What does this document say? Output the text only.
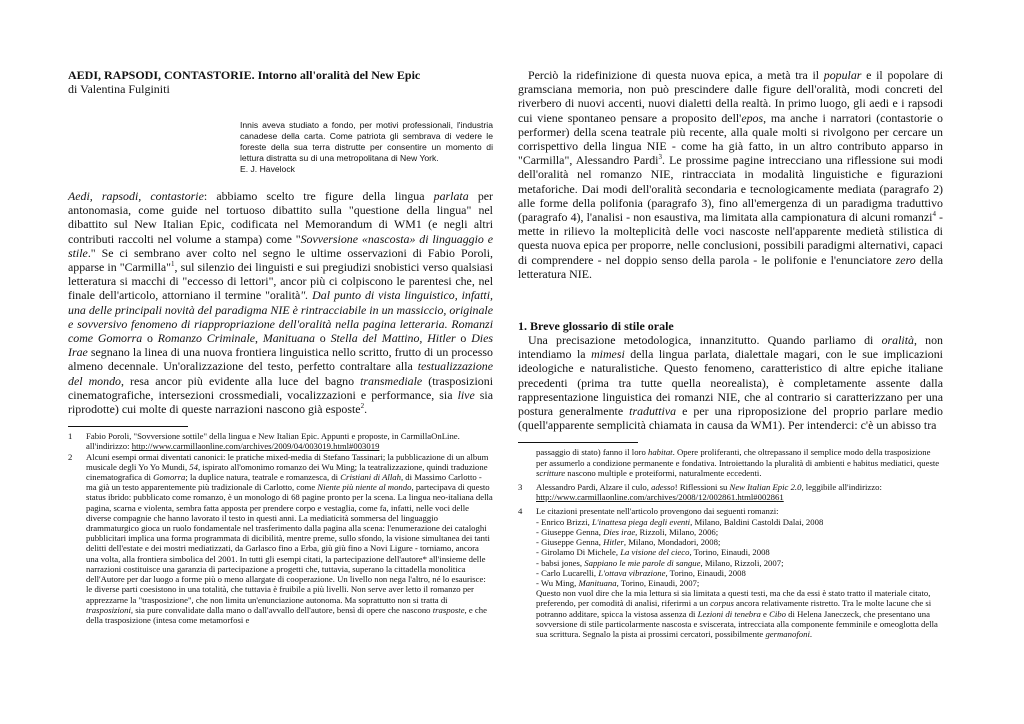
AEDI, RAPSODI, CONTASTORIE. Intorno all'oralità del New Epic
di Valentina Fulginiti
Innis aveva studiato a fondo, per motivi professionali, l'industria canadese della carta. Come patriota gli sembrava di vedere le foreste della sua terra distrutte per consentire un momento di lettura distratta su di una metropolitana di New York.
E. J. Havelock

Aedi, rapsodi, contastorie: abbiamo scelto tre figure della lingua parlata per antonomasia, come guide nel tortuoso dibattito sulla "questione della lingua" nel dibattito sul New Italian Epic, codificata nel Memorandum di WM1 (e negli altri contributi raccolti nel volume a stampa) come "Sovversione «nascosta» di linguaggio e stile." Se ci sembrano aver colto nel segno le ultime osservazioni di Fabio Poroli, apparse in "Carmilla"$^1$, sul silenzio dei linguisti e sui pregiudizi snobistici verso qualsiasi letteratura si macchi di "eccesso di lettori", ancor più ci colpiscono le parentesi che, nel finale dell'articolo, attorniano il termine "oralità". Dal punto di vista linguistico, infatti, una delle principali novità del paradigma NIE è rintracciabile in un massiccio, originale e sovversivo fenomeno di riappropriazione dell'oralità nella pagina letteraria. Romanzi come Gomorra o Romanzo Criminale, Manituana o Stella del Mattino, Hitler o Dies Irae segnano la linea di una nuova frontiera linguistica nello scritto, frutto di un processo almeno decennale. Un'oralizzazione del testo, perfetto contraltare alla testualizzazione del mondo, resa ancor più evidente alla luce del bagno transmediale (trasposizioni cinematografiche, intersezioni crossmediali, vocalizzazioni e performance, sia live sia riprodotte) cui molte di queste narrazioni nascono già esposte$^2$.

1	Fabio Poroli, "Sovversione sottile" della lingua e New Italian Epic. Appunti e proposte, in CarmillaOnLine. all'indirizzo: http://www.carmillaonline.com/archives/2009/04/003019.html#003019
2	Alcuni esempi ormai diventati canonici: le pratiche mixed-media di Stefano Tassinari; la pubblicazione di un album musicale degli Yo Yo Mundi, 54, ispirato all'omonimo romanzo dei Wu Ming; la teatralizzazione, quindi traduzione cinematografica di Gomorra; la duplice natura, teatrale e romanzesca, di Cristiani di Allah, di Massimo Carlotto - ma già un testo apparentemente più tradizionale di Carlotto, come Niente più niente al mondo, partecipava di questo status ibrido: pubblicato come romanzo, è un monologo di 68 pagine pronto per la scena. La lingua neo-italiana della pagina, scarna e violenta, sembra fatta apposta per prendere corpo e vestaglia, come fa, infatti, nelle voci delle diverse compagnie che hanno lavorato il testo in questi anni. La mediaticità sommersa del linguaggio drammaturgico gioca un ruolo fondamentale nel trasferimento dalla pagina alla scena: l'enumerazione dei cataloghi pubblicitari implica una forma programmata di dicibilità, mentre preme, sullo sfondo, la visione simultanea dei tanti delitti dell'estate e dei mostri mediatizzati, da Garlasco fino a Erba, giù giù fino a Novi Ligure - torniamo, ancora una volta, alla frontiera simbolica del 2001. In tutti gli esempi citati, la partecipazione dell'autore* all'insieme delle narrazioni costituisce una garanzia di partecipazione a progetti che, tuttavia, superano la cittadella monolitica dell'Autore per dar luogo a forme più o meno allargate di cooperazione. Un livello non nega l'altro, né lo esaurisce: le diverse parti coesistono in una totalità, che tuttavia è fruibile a più livelli. Non serve aver letto il romanzo per apprezzarne la "trasposizione", che non limita un'enunciazione autonoma. Ma soprattutto non si tratta di trasposizioni, sia pure convalidate dalla mano o dall'avvallo dell'autore, bensì di opere che nascono trasposte, e che della trasposizione (intesa come metamorfosi e

Perciò la ridefinizione di questa nuova epica, a metà tra il popular e il popolare di gramsciana memoria, non può prescindere dalle figure dell'oralità, modi concreti del riverbero di nuovi accenti, nuovi dialetti della realtà. In primo luogo, gli aedi e i rapsodi cui viene spontaneo pensare a proposito dell'epos, ma anche i narratori (contastorie o performer) della scena teatrale più recente, alla quale molti si rivolgono per cercare un corrispettivo della lingua NIE - come ha già fatto, in un altro contributo apparso in "Carmilla", Alessandro Pardi$^3$. Le prossime pagine intrecciano una riflessione sui modi dell'oralità nel romanzo NIE, rintracciata in modalità linguistiche e figurazioni metaforiche. Dai modi dell'oralità secondaria e tecnologicamente mediata (paragrafo 2) alle forme della polifonia (paragrafo 3), fino all'emergenza di un paradigma traduttivo (paragrafo 4), l'analisi - non esaustiva, ma limitata alla campionatura di alcuni romanzi$^4$ - mette in rilievo la molteplicità delle voci nascoste nell'apparente medietà stilistica di questa nuova epica per proporre, nelle conclusioni, possibili paradigmi alternativi, capaci di comprendere - nel doppio senso della parola - le polifonie e l'enunciatore zero della letteratura NIE.

1. Breve glossario di stile orale

Una precisazione metodologica, innanzitutto. Quando parliamo di oralità, non intendiamo la mimesi della lingua parlata, dialettale magari, con le sue implicazioni ideologiche e naturalistiche. Questo fenomeno, caratteristico di altre epiche italiane precedenti (prima tra tutte quella neorealista), è completamente assente dalla rappresentazione linguistica dei romanzi NIE, che al contrario si caratterizzano per una postura generalmente traduttiva e per una riproposizione del proprio parlare medio (quell'apparente semplicità chiamata in causa da WM1). Per intenderci: c'è un abisso tra

passaggio di stato) fanno il loro habitat. Opere proliferanti, che oltrepassano il semplice modo della trasposizione per assumerlo a condizione permanente e fondativa. Introiettando la pluralità di ambienti e habitus mediatici, queste scritture nascono multiple e proteiformi, naturalmente eccedenti.
3	Alessandro Pardi, Alzare il culo, adesso! Riflessioni su New Italian Epic 2.0, leggibile all'indirizzo: http://www.carmillaonline.com/archives/2008/12/002861.html#002861
4	Le citazioni presentate nell'articolo provengono dai seguenti romanzi:
- Enrico Brizzi, L'inattesa piega degli eventi, Milano, Baldini Castoldi Dalai, 2008
- Giuseppe Genna, Dies irae, Rizzoli, Milano, 2006;
- Giuseppe Genna, Hitler, Milano, Mondadori, 2008;
- Girolamo Di Michele, La visione del cieco, Torino, Einaudi, 2008
- babsi jones, Sappiano le mie parole di sangue, Milano, Rizzoli, 2007;
- Carlo Lucarelli, L'ottava vibrazione, Torino, Einaudi, 2008
- Wu Ming, Manituana, Torino, Einaudi, 2007;
Questo non vuol dire che la mia lettura si sia limitata a questi testi, ma che da essi è stato tratto il materiale citato, preferendo, per comodità di analisi, riferirmi a un corpus ancora relativamente ristretto. Tra le molte lacune che si potranno additare, spicca la vistosa assenza di Lezioni di tenebra e Cibo di Helena Janeczeck, che presentano una sovversione di stile particolarmente nascosta e sviscerata, intrecciata alla componente femminile e omeoglotta della sua scrittura. Segnalo la pista ai prossimi cercatori, possibilmente germanofoni.
